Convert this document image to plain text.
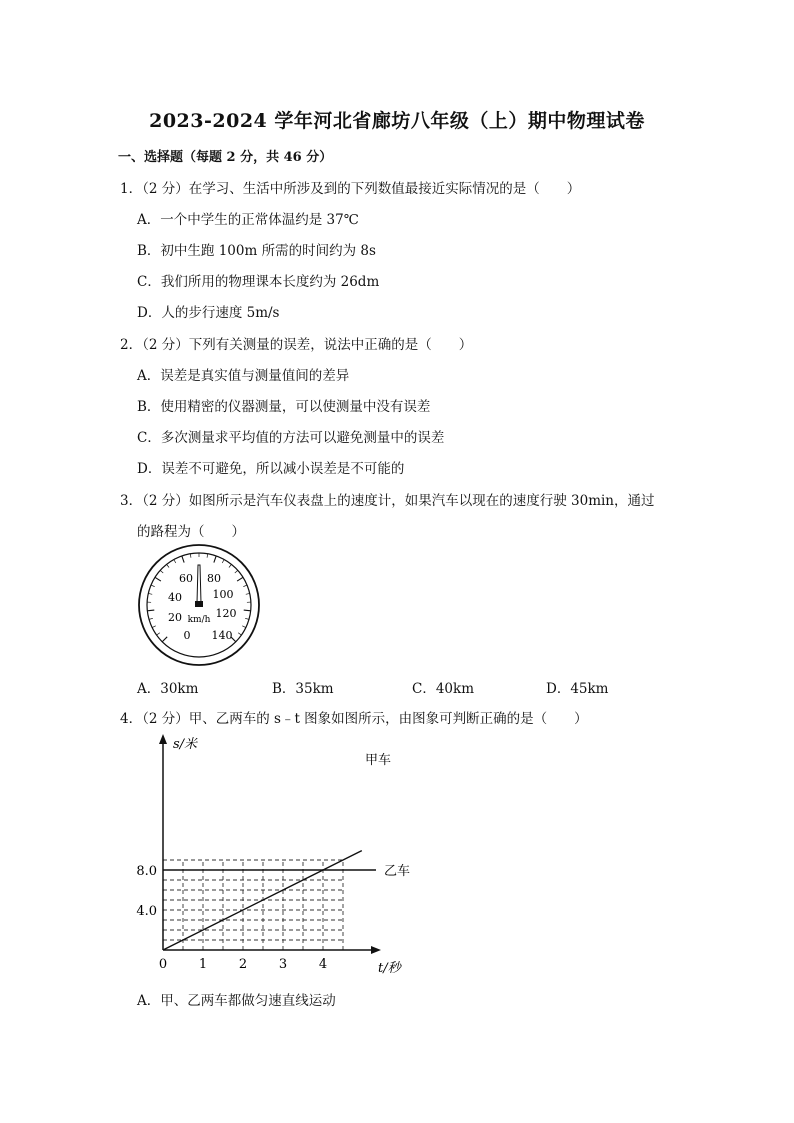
2023-2024 学年河北省廊坊八年级（上）期中物理试卷
一、选择题（每题 2 分，共 46 分）
1．（2 分）在学习、生活中所涉及到的下列数值最接近实际情况的是（　　）
A．一个中学生的正常体温约是 37℃
B．初中生跑 100m 所需的时间约为 8s
C．我们所用的物理课本长度约为 26dm
D．人的步行速度 5m/s
2．（2 分）下列有关测量的误差，说法中正确的是（　　）
A．误差是真实值与测量值间的差异
B．使用精密的仪器测量，可以使测量中没有误差
C．多次测量求平均值的方法可以避免测量中的误差
D．误差不可避免，所以减小误差是不可能的
3．（2 分）如图所示是汽车仪表盘上的速度计，如果汽车以现在的速度行驶 30min，通过
的路程为（　　）
60 80
40	100
20	120
0 140
km/h
A．30km	B．35km	C．40km	D．45km
4．（2 分）甲、乙两车的 s﹣t 图象如图所示，由图象可判断正确的是（　　）
0 1 2 3 4
4.0
8.0
s/米
t/秒
甲车
乙车
A．甲、乙两车都做匀速直线运动
